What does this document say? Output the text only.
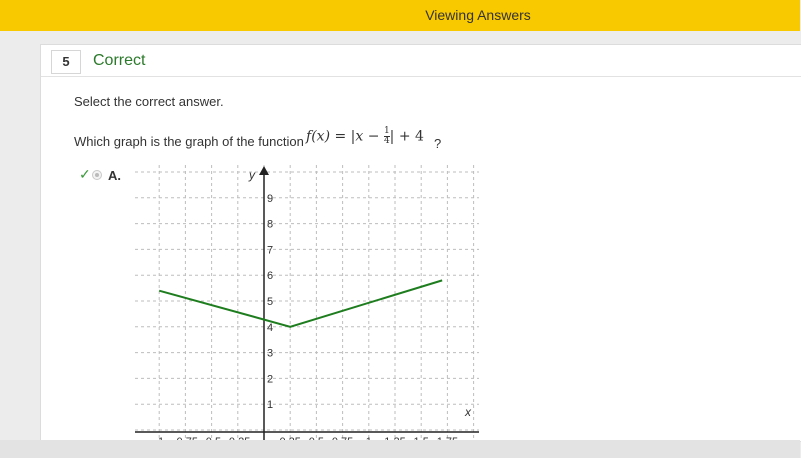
Viewing Answers
5	Correct
Select the correct answer.
Which graph is the graph of the function $f(x) = |x - \frac{1}{4}$ | + 4 ?
✓ A.	y
x
1
2
3
4
5
6
7
8
9
